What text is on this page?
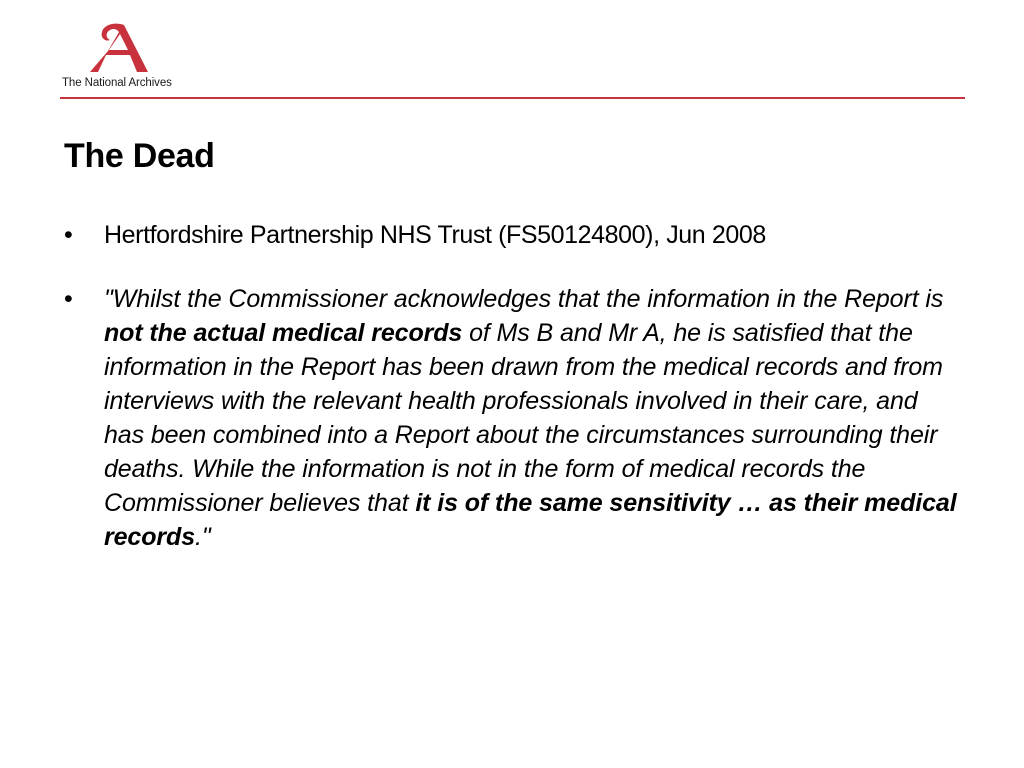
The National Archives
The Dead
• Hertfordshire Partnership NHS Trust (FS50124800), Jun 2008
• "Whilst the Commissioner acknowledges that the information in the Report is not the actual medical records of Ms B and Mr A, he is satisfied that the information in the Report has been drawn from the medical records and from interviews with the relevant health professionals involved in their care, and has been combined into a Report about the circumstances surrounding their deaths. While the information is not in the form of medical records the Commissioner believes that it is of the same sensitivity … as their medical records."
